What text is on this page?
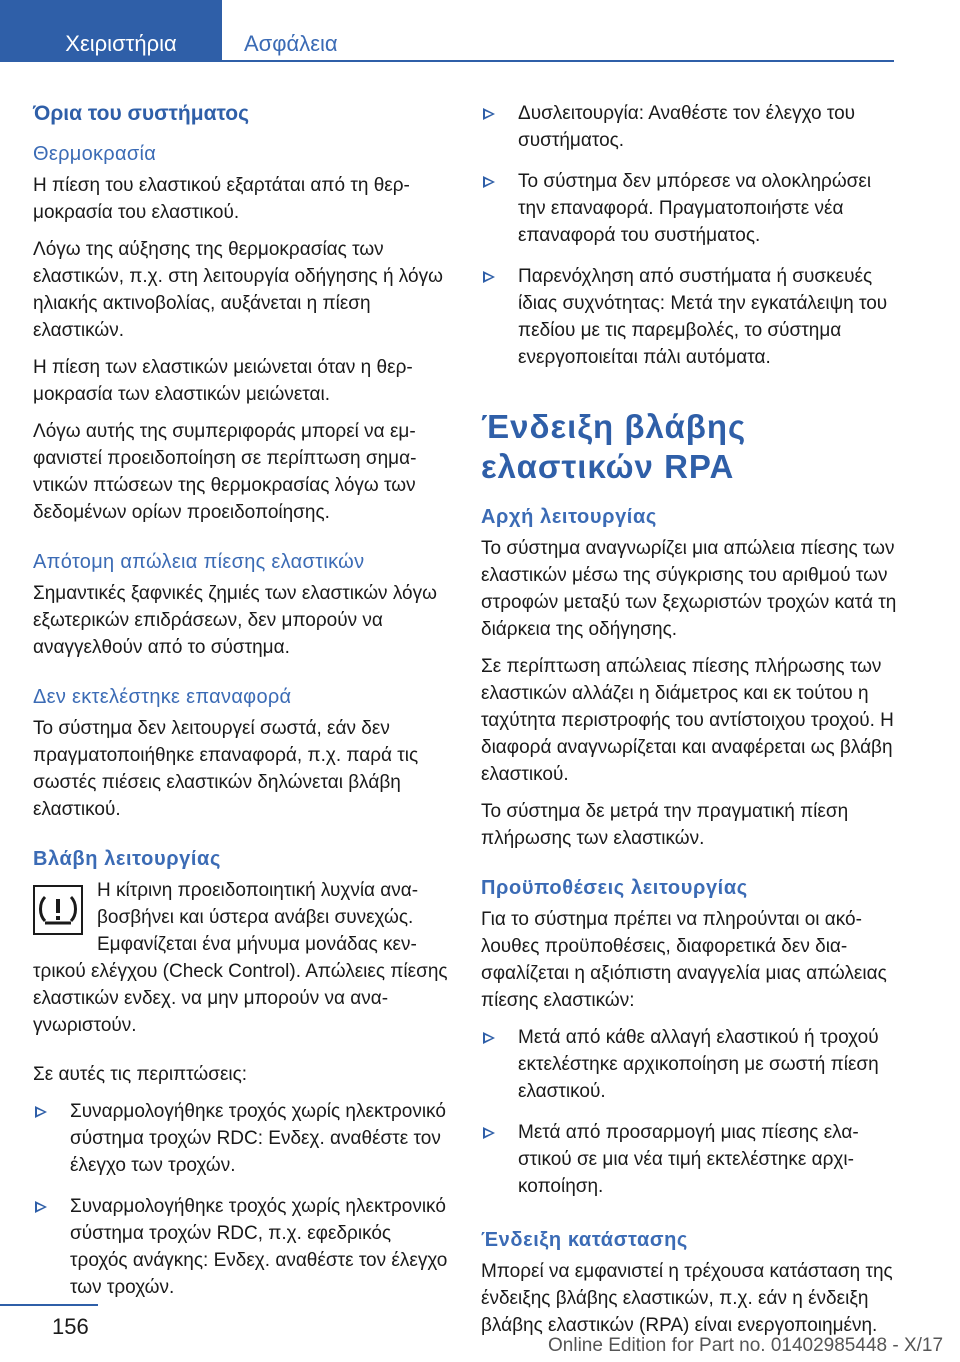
Χειριστήρια	Ασφάλεια
Όρια του συστήματος
Θερμοκρασία

Η πίεση του ελαστικού εξαρτάται από τη θερμοκρασία του ελαστικού.

Λόγω της αύξησης της θερμοκρασίας των ελαστικών, π.χ. στη λειτουργία οδήγησης ή λόγω ηλιακής ακτινοβολίας, αυξάνεται η πίεση ελαστικών.

Η πίεση των ελαστικών μειώνεται όταν η θερμοκρασία των ελαστικών μειώνεται.

Λόγω αυτής της συμπεριφοράς μπορεί να εμφανιστεί προειδοποίηση σε περίπτωση σημαντικών πτώσεων της θερμοκρασίας λόγω των δεδομένων ορίων προειδοποίησης.

Απότομη απώλεια πίεσης ελαστικών

Σημαντικές ξαφνικές ζημιές των ελαστικών λόγω εξωτερικών επιδράσεων, δεν μπορούν να αναγγελθούν από το σύστημα.

Δεν εκτελέστηκε επαναφορά

Το σύστημα δεν λειτουργεί σωστά, εάν δεν πραγματοποιήθηκε επαναφορά, π.χ. παρά τις σωστές πιέσεις ελαστικών δηλώνεται βλάβη ελαστικού.

Βλάβη λειτουργίας

Η κίτρινη προειδοποιητική λυχνία αναβοσβήνει και ύστερα ανάβει συνεχώς. Εμφανίζεται ένα μήνυμα μονάδας κεντρικού ελέγχου (Check Control). Απώλειες πίεσης ελαστικών ενδεχ. να μην μπορούν να αναγνωριστούν.

Σε αυτές τις περιπτώσεις:

Συναρμολογήθηκε τροχός χωρίς ηλεκτρονικό σύστημα τροχών RDC: Ενδεχ. αναθέστε τον έλεγχο των τροχών.
Συναρμολογήθηκε τροχός χωρίς ηλεκτρονικό σύστημα τροχών RDC, π.χ. εφεδρικός τροχός ανάγκης: Ενδεχ. αναθέστε τον έλεγχο των τροχών.
Δυσλειτουργία: Αναθέστε τον έλεγχο του συστήματος.
Το σύστημα δεν μπόρεσε να ολοκληρώσει την επαναφορά. Πραγματοποιήστε νέα επαναφορά του συστήματος.
Παρενόχληση από συστήματα ή συσκευές ίδιας συχνότητας: Μετά την εγκατάλειψη του πεδίου με τις παρεμβολές, το σύστημα ενεργοποιείται πάλι αυτόματα.
Ένδειξη βλάβης ελαστικών RPA
Αρχή λειτουργίας

Το σύστημα αναγνωρίζει μια απώλεια πίεσης των ελαστικών μέσω της σύγκρισης του αριθμού των στροφών μεταξύ των ξεχωριστών τροχών κατά τη διάρκεια της οδήγησης.

Σε περίπτωση απώλειας πίεσης πλήρωσης των ελαστικών αλλάζει η διάμετρος και εκ τούτου η ταχύτητα περιστροφής του αντίστοιχου τροχού. Η διαφορά αναγνωρίζεται και αναφέρεται ως βλάβη ελαστικού.

Το σύστημα δε μετρά την πραγματική πίεση πλήρωσης των ελαστικών.

Προϋποθέσεις λειτουργίας

Για το σύστημα πρέπει να πληρούνται οι ακόλουθες προϋποθέσεις, διαφορετικά δεν διασφαλίζεται η αξιόπιστη αναγγελία μιας απώλειας πίεσης ελαστικών:

Μετά από κάθε αλλαγή ελαστικού ή τροχού εκτελέστηκε αρχικοποίηση με σωστή πίεση ελαστικού.
Μετά από προσαρμογή μιας πίεσης ελαστικού σε μια νέα τιμή εκτελέστηκε αρχικοποίηση.
Ένδειξη κατάστασης

Μπορεί να εμφανιστεί η τρέχουσα κατάσταση της ένδειξης βλάβης ελαστικών, π.χ. εάν η ένδειξη βλάβης ελαστικών (RPA) είναι ενεργοποιημένη.

156
Online Edition for Part no. 01402985448 - X/17
